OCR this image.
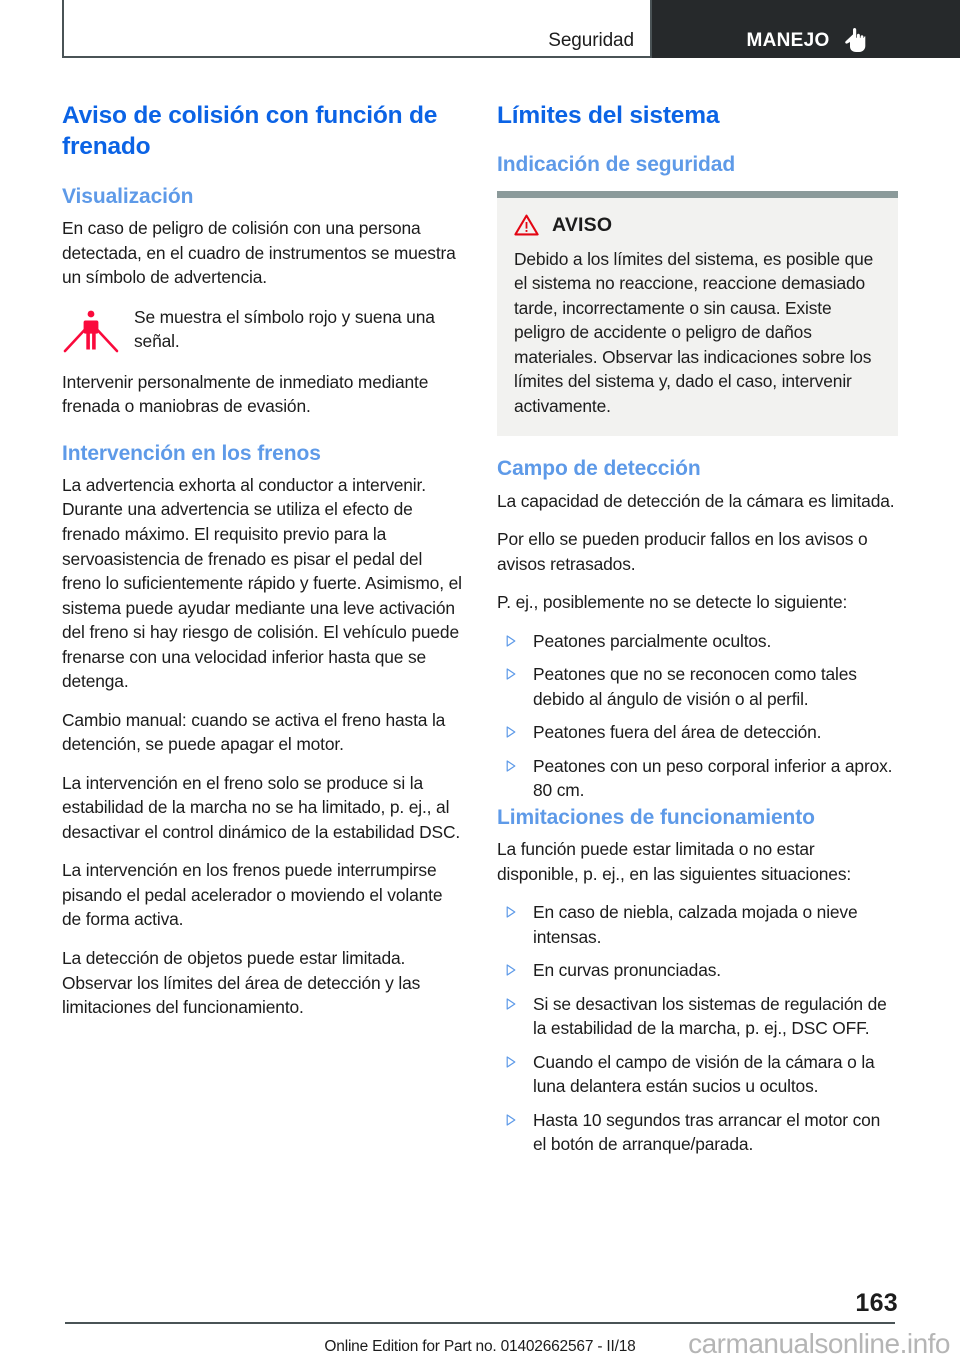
Seguridad	MANEJO
Aviso de colisión con función de frenado
Visualización

En caso de peligro de colisión con una persona detectada, en el cuadro de instrumentos se muestra un símbolo de advertencia.

Se muestra el símbolo rojo y suena una señal.

Intervenir personalmente de inmediato mediante frenada o maniobras de evasión.

Intervención en los frenos

La advertencia exhorta al conductor a intervenir. Durante una advertencia se utiliza el efecto de frenado máximo. El requisito previo para la servoasistencia de frenado es pisar el pedal del freno lo suficientemente rápido y fuerte. Asimismo, el sistema puede ayudar mediante una leve activación del freno si hay riesgo de colisión. El vehículo puede frenarse con una velocidad inferior hasta que se detenga.

Cambio manual: cuando se activa el freno hasta la detención, se puede apagar el motor.

La intervención en el freno solo se produce si la estabilidad de la marcha no se ha limitado, p. ej., al desactivar el control dinámico de la estabilidad DSC.

La intervención en los frenos puede interrumpirse pisando el pedal acelerador o moviendo el volante de forma activa.

La detección de objetos puede estar limitada. Observar los límites del área de detección y las limitaciones del funcionamiento.

Límites del sistema
Indicación de seguridad
AVISO
Debido a los límites del sistema, es posible que el sistema no reaccione, reaccione demasiado tarde, incorrectamente o sin causa. Existe peligro de accidente o peligro de daños materiales. Observar las indicaciones sobre los límites del sistema y, dado el caso, intervenir activamente.
Campo de detección

La capacidad de detección de la cámara es limitada.

Por ello se pueden producir fallos en los avisos o avisos retrasados.

P. ej., posiblemente no se detecte lo siguiente:

Peatones parcialmente ocultos.
Peatones que no se reconocen como tales debido al ángulo de visión o al perfil.
Peatones fuera del área de detección.
Peatones con un peso corporal inferior a aprox. 80 cm.
Limitaciones de funcionamiento

La función puede estar limitada o no estar disponible, p. ej., en las siguientes situaciones:

En caso de niebla, calzada mojada o nieve intensas.
En curvas pronunciadas.
Si se desactivan los sistemas de regulación de la estabilidad de la marcha, p. ej., DSC OFF.
Cuando el campo de visión de la cámara o la luna delantera están sucios u ocultos.
Hasta 10 segundos tras arrancar el motor con el botón de arranque/parada.
163
Online Edition for Part no. 01402662567 - II/18	carmanualsonline.info
